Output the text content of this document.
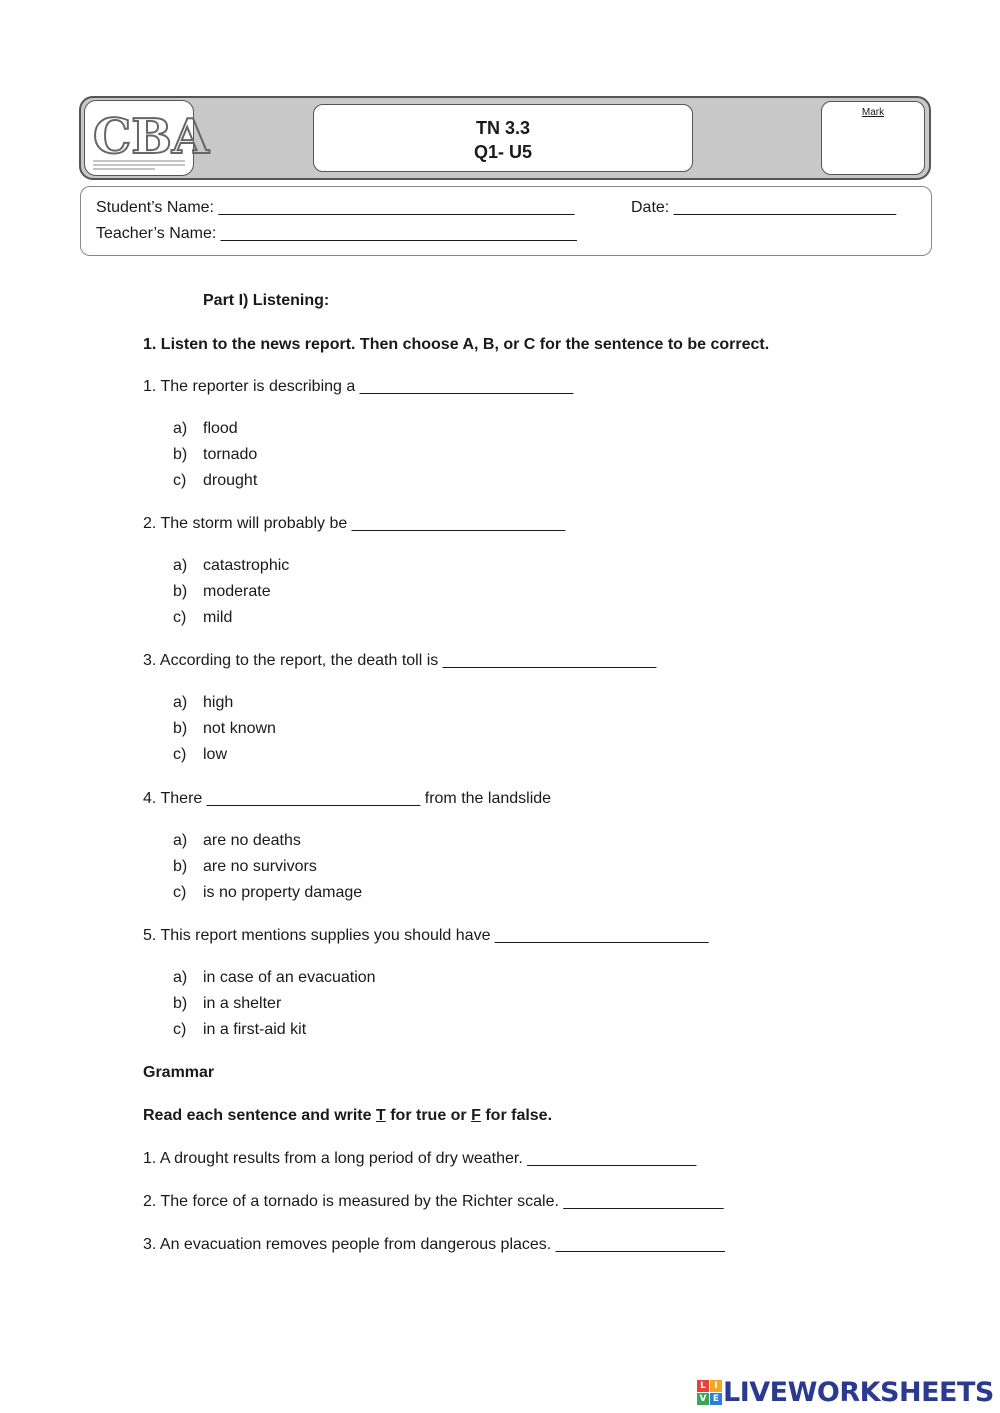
CBA	TN 3.3
Q1- U5
Mark
Student’s Name: ________________________________________	Date: _________________________
Teacher’s Name: ________________________________________
Part I) Listening:
1. Listen to the news report. Then choose A, B, or C for the sentence to be correct.
1. The reporter is describing a ________________________
a) flood
b) tornado
c) drought
2. The storm will probably be ________________________
a) catastrophic
b) moderate
c) mild
3. According to the report, the death toll is ________________________
a) high
b) not known
c) low
4. There ________________________ from the landslide
a) are no deaths
b) are no survivors
c) is no property damage
5. This report mentions supplies you should have ________________________
a) in case of an evacuation
b) in a shelter
c) in a first-aid kit
Grammar
Read each sentence and write T for true or F for false.
1. A drought results from a long period of dry weather. ___________________
2. The force of a tornado is measured by the Richter scale. __________________
3. An evacuation removes people from dangerous places. ___________________
L I
V E LIVEWORKSHEETS
